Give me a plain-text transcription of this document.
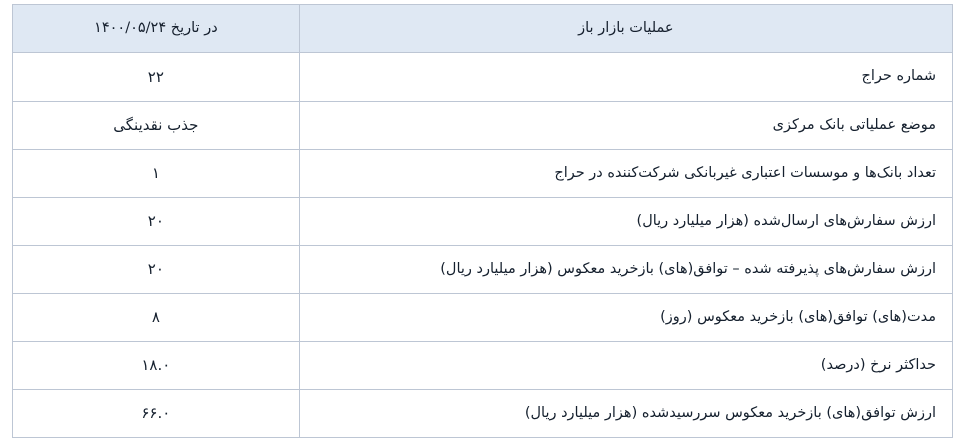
عملیات بازار باز	در تاریخ ۱۴۰۰/۰۵/۲۴
شماره حراج	۲۲
موضع عملیاتی بانک مرکزی	جذب نقدینگی
تعداد بانک‌ها و موسسات اعتباری غیربانکی شرکت‌کننده در حراج	۱
ارزش سفارش‌های ارسال‌شده (هزار میلیارد ریال)	۲۰
ارزش سفارش‌های پذیرفته شده – توافق(های) بازخرید معکوس (هزار میلیارد ریال)	۲۰
مدت(های) توافق(های) بازخرید معکوس (روز)	۸
حداکثر نرخ (درصد)	۱۸.۰
ارزش توافق(های) بازخرید معکوس سررسیدشده (هزار میلیارد ریال)	۶۶.۰
